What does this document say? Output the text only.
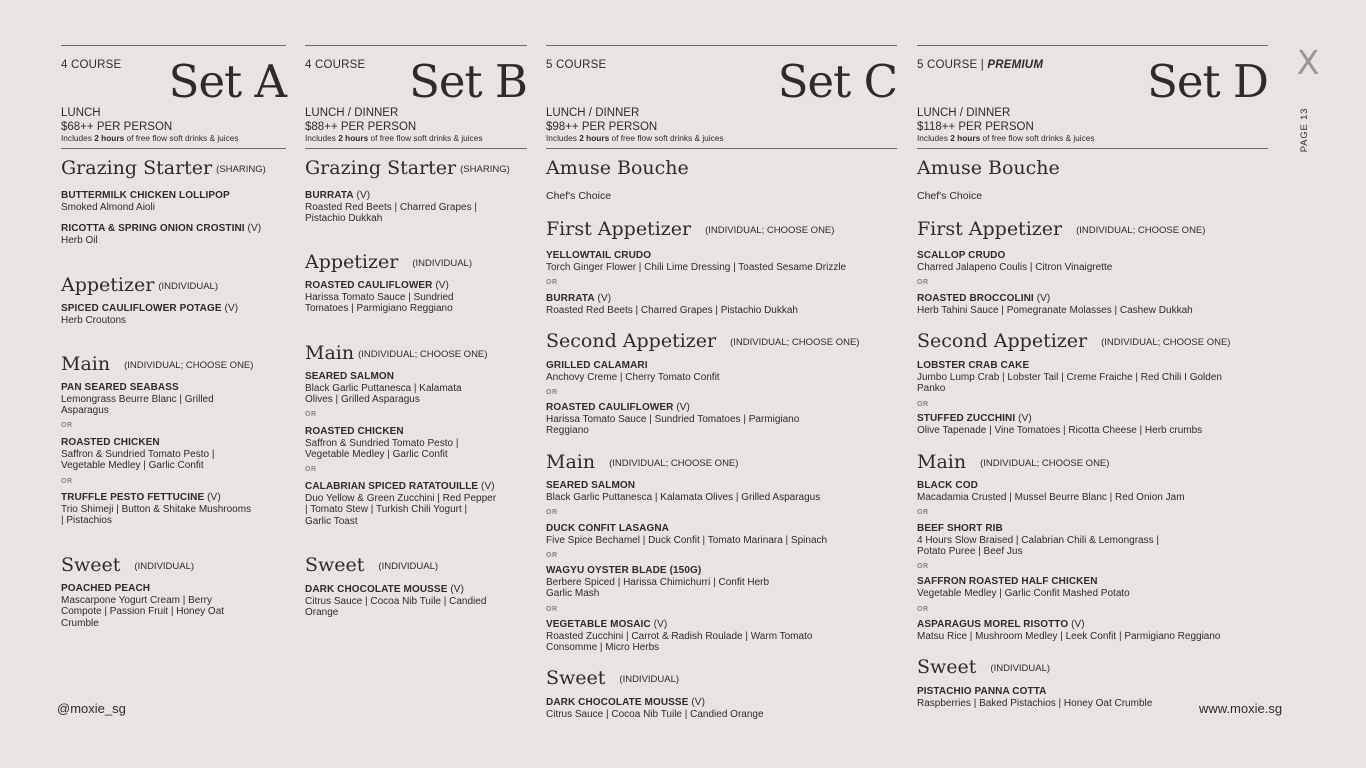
4 COURSE Set A
LUNCH
$68++ PER PERSON
Includes 2 hours of free flow soft drinks & juices
Grazing Starter (SHARING)
BUTTERMILK CHICKEN LOLLIPOP
Smoked Almond Aioli
RICOTTA & SPRING ONION CROSTINI (V)
Herb Oil
Appetizer (INDIVIDUAL)
SPICED CAULIFLOWER POTAGE (V)
Herb Croutons
Main (INDIVIDUAL; CHOOSE ONE)
PAN SEARED SEABASS
Lemongrass Beurre Blanc | Grilled
Asparagus
OR
ROASTED CHICKEN
Saffron & Sundried Tomato Pesto |
Vegetable Medley | Garlic Confit
OR
TRUFFLE PESTO FETTUCINE (V)
Trio Shimeji | Button & Shitake Mushrooms
| Pistachios
Sweet (INDIVIDUAL)
POACHED PEACH
Mascarpone Yogurt Cream | Berry
Compote | Passion Fruit | Honey Oat
Crumble
4 COURSE Set B
LUNCH / DINNER
$88++ PER PERSON
Includes 2 hours of free flow soft drinks & juices
Grazing Starter (SHARING)
BURRATA (V)
Roasted Red Beets | Charred Grapes |
Pistachio Dukkah
Appetizer (INDIVIDUAL)
ROASTED CAULIFLOWER (V)
Harissa Tomato Sauce | Sundried
Tomatoes | Parmigiano Reggiano
Main (INDIVIDUAL; CHOOSE ONE)
SEARED SALMON
Black Garlic Puttanesca | Kalamata
Olives | Grilled Asparagus
OR
ROASTED CHICKEN
Saffron & Sundried Tomato Pesto |
Vegetable Medley | Garlic Confit
OR
CALABRIAN SPICED RATATOUILLE (V)
Duo Yellow & Green Zucchini | Red Pepper
| Tomato Stew | Turkish Chili Yogurt |
Garlic Toast
Sweet (INDIVIDUAL)
DARK CHOCOLATE MOUSSE (V)
Citrus Sauce | Cocoa Nib Tuile | Candied
Orange
5 COURSE	Set C
LUNCH / DINNER
$98++ PER PERSON
Includes 2 hours of free flow soft drinks & juices
Amuse Bouche
Chef's Choice
First Appetizer (INDIVIDUAL; CHOOSE ONE)
YELLOWTAIL CRUDO
Torch Ginger Flower | Chili Lime Dressing | Toasted Sesame Drizzle
OR
BURRATA (V)
Roasted Red Beets | Charred Grapes | Pistachio Dukkah
Second Appetizer (INDIVIDUAL; CHOOSE ONE)
GRILLED CALAMARI
Anchovy Creme | Cherry Tomato Confit
OR
ROASTED CAULIFLOWER (V)
Harissa Tomato Sauce | Sundried Tomatoes | Parmigiano
Reggiano
Main (INDIVIDUAL; CHOOSE ONE)
SEARED SALMON
Black Garlic Puttanesca | Kalamata Olives | Grilled Asparagus
OR
DUCK CONFIT LASAGNA
Five Spice Bechamel | Duck Confit | Tomato Marinara | Spinach
OR
WAGYU OYSTER BLADE (150G)
Berbere Spiced | Harissa Chimichurri | Confit Herb
Garlic Mash
OR
VEGETABLE MOSAIC (V)
Roasted Zucchini | Carrot & Radish Roulade | Warm Tomato
Consomme | Micro Herbs
Sweet (INDIVIDUAL)
DARK CHOCOLATE MOUSSE (V)
Citrus Sauce | Cocoa Nib Tuile | Candied Orange
5 COURSE | PREMIUM Set D
LUNCH / DINNER
$118++ PER PERSON
Includes 2 hours of free flow soft drinks & juices
Amuse Bouche
Chef's Choice
First Appetizer (INDIVIDUAL; CHOOSE ONE)
SCALLOP CRUDO
Charred Jalapeno Coulis | Citron Vinaigrette
OR
ROASTED BROCCOLINI (V)
Herb Tahini Sauce | Pomegranate Molasses | Cashew Dukkah
Second Appetizer (INDIVIDUAL; CHOOSE ONE)
LOBSTER CRAB CAKE
Jumbo Lump Crab | Lobster Tail | Creme Fraiche | Red Chili I Golden
Panko
OR
STUFFED ZUCCHINI (V)
Olive Tapenade | Vine Tomatoes | Ricotta Cheese | Herb crumbs
Main (INDIVIDUAL; CHOOSE ONE)
BLACK COD
Macadamia Crusted | Mussel Beurre Blanc | Red Onion Jam
OR
BEEF SHORT RIB
4 Hours Slow Braised | Calabrian Chili & Lemongrass |
Potato Puree | Beef Jus
OR
SAFFRON ROASTED HALF CHICKEN
Vegetable Medley | Garlic Confit Mashed Potato
OR
ASPARAGUS MOREL RISOTTO (V)
Matsu Rice | Mushroom Medley | Leek Confit | Parmigiano Reggiano
Sweet (INDIVIDUAL)
PISTACHIO PANNA COTTA
Raspberries | Baked Pistachios | Honey Oat Crumble
X
PAGE 13
@moxie_sg	www.moxie.sg
